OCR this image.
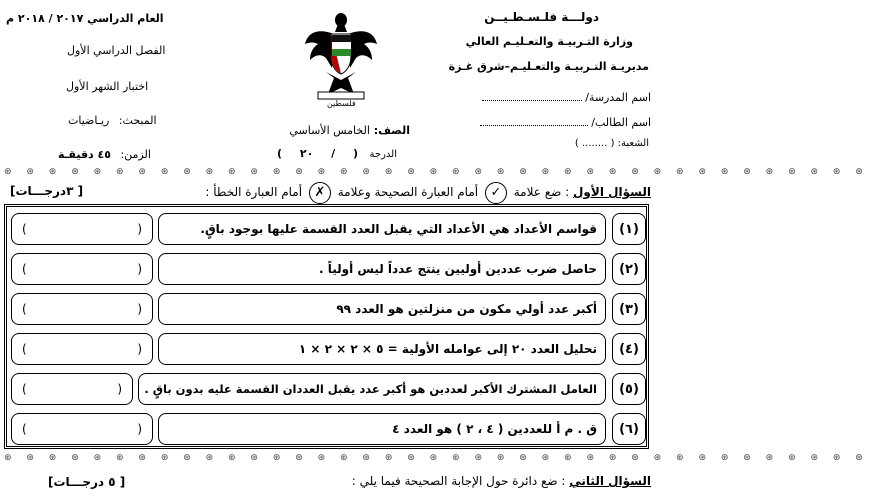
دولـــة فلـسـطـيــن
وزارة التـربيـة والتعـليـم العالي
مديريـة التـربيـة والتعـليـم–شرق غـزة
اسم المدرسة/
اسم الطالب/
الشعبة: ( ........ )
فلسطين
الصف: الخامس الأساسي
الدرجة ( / ٢٠ )
العام الدراسي ٢٠١٧ / ٢٠١٨ م
الفصل الدراسي الأول
اختبار الشهر الأول
المبحث: ريـاضيات
الزمن: ٤٥ دقيقـة
⊛ ⊛ ⊛ ⊛ ⊛ ⊛ ⊛ ⊛ ⊛ ⊛ ⊛ ⊛ ⊛ ⊛ ⊛ ⊛ ⊛ ⊛ ⊛ ⊛ ⊛ ⊛ ⊛ ⊛ ⊛ ⊛ ⊛ ⊛ ⊛ ⊛ ⊛ ⊛ ⊛ ⊛ ⊛ ⊛ ⊛ ⊛ ⊛
السؤال الأول : ضع علامة ✓ أمام العبارة الصحيحة وعلامة ✗ أمام العبارة الخطأ :
[ ٣درجـــات]
(١)
قواسم الأعداد هي الأعداد التي يقبل العدد القسمة عليها بوجود باقٍ.
(	)
(٢)
حاصل ضرب عددين أوليين ينتج عدداً ليس أولياً .
(	)
(٣)
أكبر عدد أولي مكون من منزلتين هو العدد ٩٩
(	)
(٤)
تحليل العدد ٢٠ إلى عوامله الأولية = ٥ × ٢ × ٢ × ١
(	)
(٥)
العامل المشترك الأكبر لعددين هو أكبر عدد يقبل العددان القسمة عليه بدون باقٍ .
(	)
(٦)
ق . م أ للعددين ( ٤ ، ٢ ) هو العدد ٤
(	)
⊛ ⊛ ⊛ ⊛ ⊛ ⊛ ⊛ ⊛ ⊛ ⊛ ⊛ ⊛ ⊛ ⊛ ⊛ ⊛ ⊛ ⊛ ⊛ ⊛ ⊛ ⊛ ⊛ ⊛ ⊛ ⊛ ⊛ ⊛ ⊛ ⊛ ⊛ ⊛ ⊛ ⊛ ⊛ ⊛ ⊛ ⊛ ⊛
السؤال الثاني : ضع دائرة حول الإجابة الصحيحة فيما يلي :
[ ٥ درجـــات]
